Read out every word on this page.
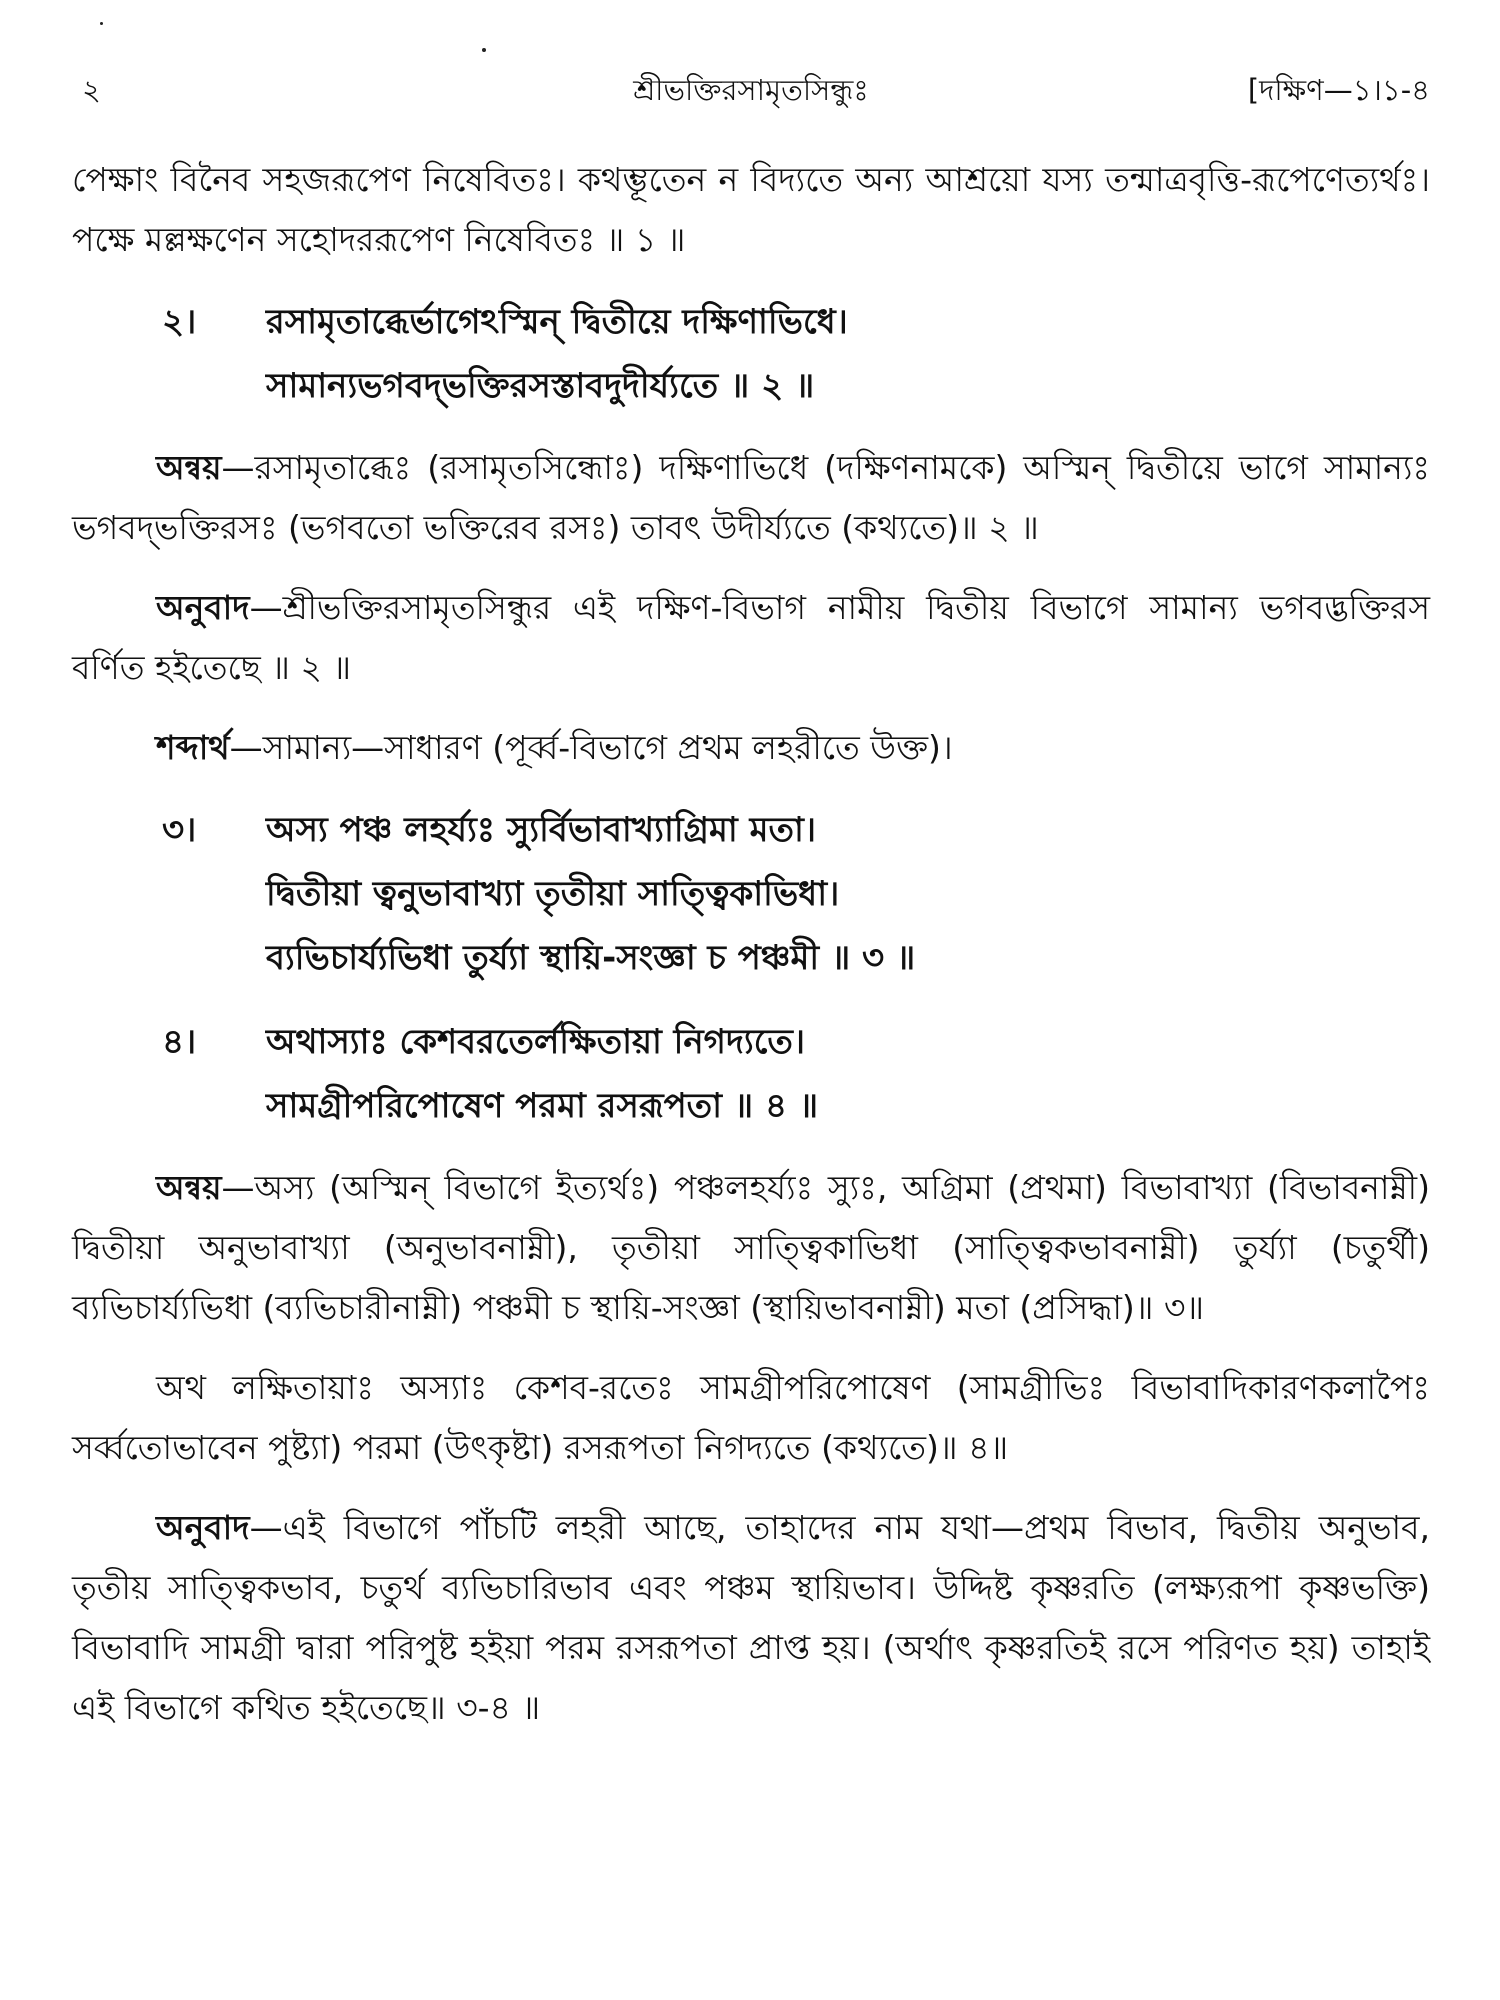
২	শ্রীভক্তিরসামৃতসিন্ধুঃ	[দক্ষিণ—১।১-৪

পেক্ষাং বিনৈব সহজরূপেণ নিষেবিতঃ। কথম্ভূতেন ন বিদ্যতে অন্য আশ্রয়ো যস্য তন্মাত্রবৃত্তি-রূপেণেত্যর্থঃ। পক্ষে মল্লক্ষণেন সহোদররূপেণ নিষেবিতঃ ॥ ১ ॥

২।	রসামৃতাব্ধের্ভাগেঽস্মিন্ দ্বিতীয়ে দক্ষিণাভিধে।
সামান্যভগবদ্‌ভক্তিরসস্তাবদুদীর্য্যতে ॥ ২ ॥

অন্বয়—রসামৃতাব্ধেঃ (রসামৃতসিন্ধোঃ) দক্ষিণাভিধে (দক্ষিণনামকে) অস্মিন্ দ্বিতীয়ে ভাগে সামান্যঃ ভগবদ্‌ভক্তিরসঃ (ভগবতো ভক্তিরেব রসঃ) তাবৎ উদীর্য্যতে (কথ্যতে)॥ ২ ॥

অনুবাদ—শ্রীভক্তিরসামৃতসিন্ধুর এই দক্ষিণ-বিভাগ নামীয় দ্বিতীয় বিভাগে সামান্য ভগবদ্ভক্তিরস বর্ণিত হইতেছে ॥ ২ ॥

শব্দার্থ—সামান্য—সাধারণ (পূর্ব্ব-বিভাগে প্রথম লহরীতে উক্ত)।

৩।	অস্য পঞ্চ লহর্য্যঃ স্যুর্বিভাবাখ্যাগ্রিমা মতা।
দ্বিতীয়া ত্বনুভাবাখ্যা তৃতীয়া সাত্ত্বিকাভিধা।
ব্যভিচার্য্যভিধা তুর্য্যা স্থায়ি-সংজ্ঞা চ পঞ্চমী ॥ ৩ ॥
৪।	অথাস্যাঃ কেশবরতের্লক্ষিতায়া নিগদ্যতে।
সামগ্রীপরিপোষেণ পরমা রসরূপতা ॥ ৪ ॥

অন্বয়—অস্য (অস্মিন্ বিভাগে ইত্যর্থঃ) পঞ্চলহর্য্যঃ স্যুঃ, অগ্রিমা (প্রথমা) বিভাবাখ্যা (বিভাবনাম্নী) দ্বিতীয়া অনুভাবাখ্যা (অনুভাবনাম্নী), তৃতীয়া সাত্ত্বিকাভিধা (সাত্ত্বিকভাবনাম্নী) তুর্য্যা (চতুর্থী) ব্যভিচার্য্যভিধা (ব্যভিচারীনাম্নী) পঞ্চমী চ স্থায়ি-সংজ্ঞা (স্থায়িভাবনাম্নী) মতা (প্রসিদ্ধা)॥ ৩॥

অথ লক্ষিতায়াঃ অস্যাঃ কেশব-রতেঃ সামগ্রীপরিপোষেণ (সামগ্রীভিঃ বিভাবাদিকারণকলাপৈঃ সর্ব্বতোভাবেন পুষ্ট্যা) পরমা (উৎকৃষ্টা) রসরূপতা নিগদ্যতে (কথ্যতে)॥ ৪॥

অনুবাদ—এই বিভাগে পাঁচটি লহরী আছে, তাহাদের নাম যথা—প্রথম বিভাব, দ্বিতীয় অনুভাব, তৃতীয় সাত্ত্বিকভাব, চতুর্থ ব্যভিচারিভাব এবং পঞ্চম স্থায়িভাব। উদ্দিষ্ট কৃষ্ণরতি (লক্ষ্যরূপা কৃষ্ণভক্তি) বিভাবাদি সামগ্রী দ্বারা পরিপুষ্ট হইয়া পরম রসরূপতা প্রাপ্ত হয়। (অর্থাৎ কৃষ্ণরতিই রসে পরিণত হয়) তাহাই এই বিভাগে কথিত হইতেছে॥ ৩-৪ ॥
